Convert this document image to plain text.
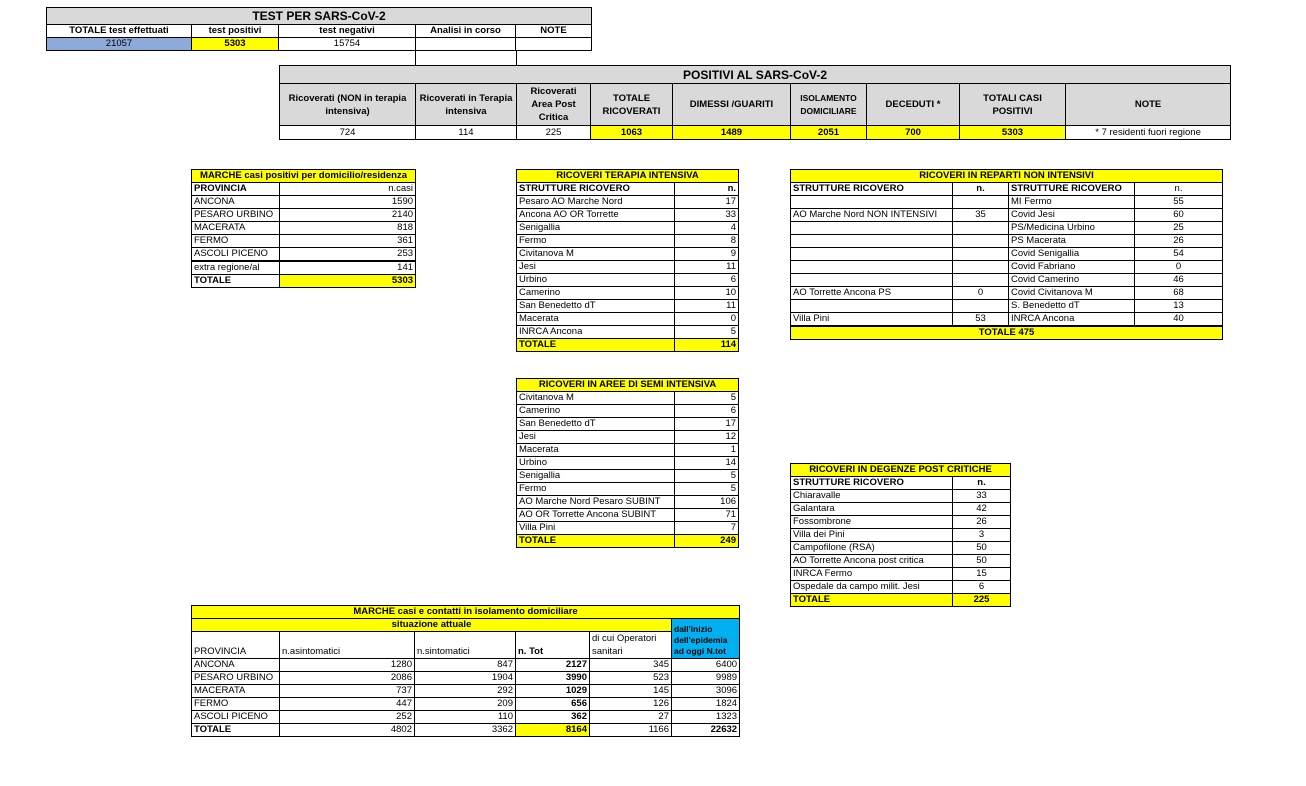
TEST PER SARS-CoV-2				
TOTALE test effettuati	test positivi	test negativi	Analisi in corso	NOTE
21057	5303	15754		
POSITIVI AL SARS-CoV-2								
Ricoverati (NON in terapia intensiva)	Ricoverati in Terapia intensiva	Ricoverati Area Post Critica	TOTALE RICOVERATI	DIMESSI /GUARITI	ISOLAMENTO DOMICILIARE	DECEDUTI *	TOTALI CASI POSITIVI	NOTE
724	114	225	1063	1489	2051	700	5303	* 7 residenti fuori regione
MARCHE casi positivi per domicilio/residenza	
PROVINCIA	n.casi
ANCONA	1590
PESARO URBINO	2140
MACERATA	818
FERMO	361
ASCOLI PICENO	253

extra regione/al	141
TOTALE	5303
RICOVERI TERAPIA INTENSIVA	
STRUTTURE RICOVERO	n.
Pesaro AO Marche Nord	17
Ancona AO OR Torrette	33
Senigallia	4
Fermo	8
Civitanova M	9
Jesi	11
Urbino	6
Camerino	10
San Benedetto dT	11
Macerata	0
INRCA Ancona	5
TOTALE	114
RICOVERI IN AREE DI SEMI INTENSIVA	
Civitanova M	5
Camerino	6
San Benedetto dT	17
Jesi	12
Macerata	1
Urbino	14
Senigallia	5
Fermo	5
AO Marche Nord Pesaro SUBINT	106
AO OR Torrette Ancona SUBINT	71
Villa Pini	7
TOTALE	249
RICOVERI IN REPARTI NON INTENSIVI			
STRUTTURE RICOVERO	n.	STRUTTURE RICOVERO	n.
		MI Fermo	55
AO Marche Nord NON INTENSIVI	35	Covid Jesi	60
		PS/Medicina Urbino	25
		PS Macerata	26
		Covid Senigallia	54
		Covid Fabriano	0
		Covid Camerino	46
AO Torrette Ancona PS	0	Covid Civitanova M	68
		S. Benedetto dT	13
Villa Pini	53	INRCA Ancona	40

TOTALE 475			
RICOVERI IN DEGENZE POST CRITICHE	
STRUTTURE RICOVERO	n.
Chiaravalle	33
Galantara	42
Fossombrone	26
Villa dei Pini	3
Campofilone (RSA)	50
AO Torrette Ancona post critica	50
INRCA Fermo	15
Ospedale da campo milit. Jesi	6
TOTALE	225
MARCHE casi e contatti in isolamento domiciliare					
situazione attuale					dall'inizio dell'epidemia ad oggi N.tot
PROVINCIA	n.asintomatici	n.sintomatici	n. Tot	di cui Operatori sanitari	
ANCONA	1280	847	2127	345	6400
PESARO URBINO	2086	1904	3990	523	9989
MACERATA	737	292	1029	145	3096
FERMO	447	209	656	126	1824
ASCOLI PICENO	252	110	362	27	1323
TOTALE	4802	3362	8164	1166	22632
